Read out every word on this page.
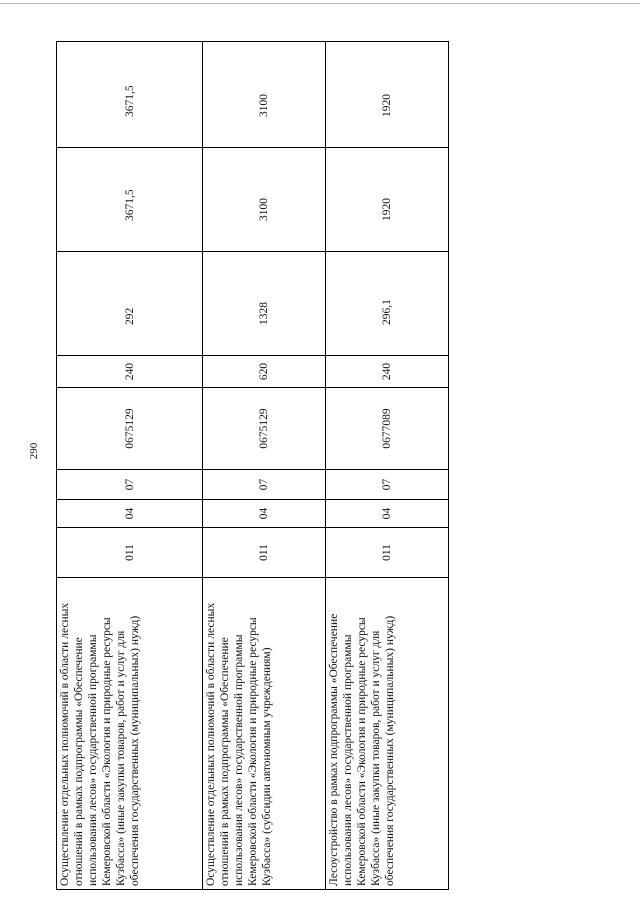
290
Осуществление отдельных полномочий в области лесных отношений в рамках подпрограммы «Обеспечение использования лесов» государственной программы Кемеровской области «Экология и природные ресурсы Кузбасса» (иные закупки товаров, работ и услуг для обеспечения государственных (муниципальных) нужд)	011	04	07	0675129	240	292	3671,5	3671,5
Осуществление отдельных полномочий в области лесных отношений в рамках подпрограммы «Обеспечение использования лесов» государственной программы Кемеровской области «Экология и природные ресурсы Кузбасса» (субсидии автономным учреждениям)	011	04	07	0675129	620	1328	3100	3100
Лесоустройство в рамках подпрограммы «Обеспечение использования лесов» государственной программы Кемеровской области «Экология и природные ресурсы Кузбасса» (иные закупки товаров, работ и услуг для обеспечения государственных (муниципальных) нужд)	011	04	07	0677089	240	296,1	1920	1920
